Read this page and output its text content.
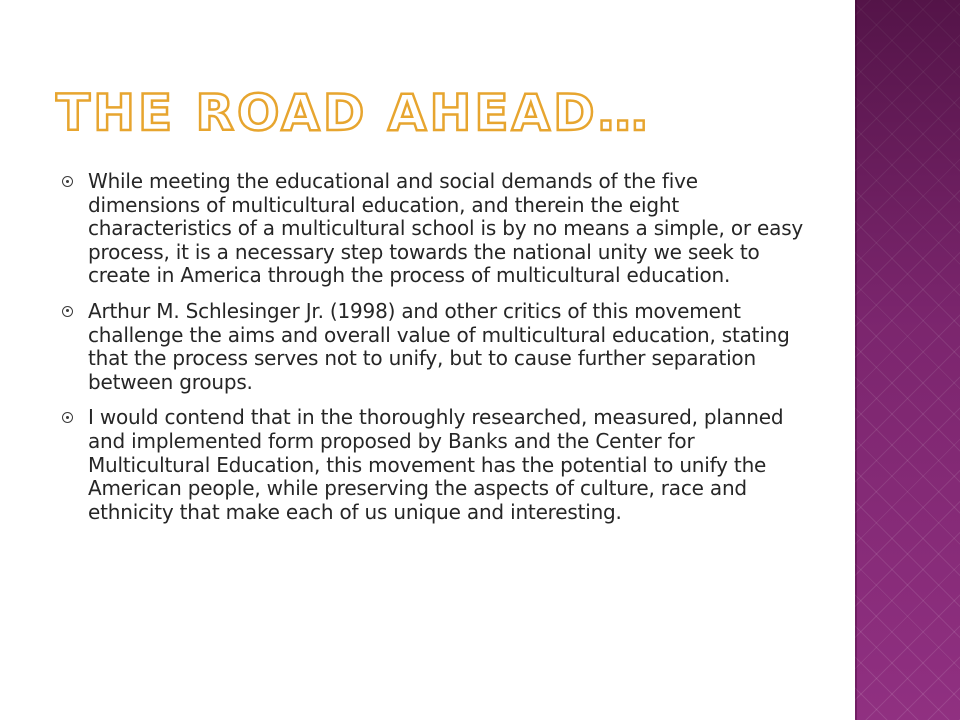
THE ROAD AHEAD…
While meeting the educational and social demands of the five dimensions of multicultural education, and therein the eight characteristics of a multicultural school is by no means a simple, or easy process, it is a necessary step towards the national unity we seek to create in America through the process of multicultural education.
Arthur M. Schlesinger Jr. (1998) and other critics of this movement challenge the aims and overall value of multicultural education, stating that the process serves not to unify, but to cause further separation between groups.
I would contend that in the thoroughly researched, measured, planned and implemented form proposed by Banks and the Center for Multicultural Education, this movement has the potential to unify the American people, while preserving the aspects of culture, race and ethnicity that make each of us unique and interesting.
